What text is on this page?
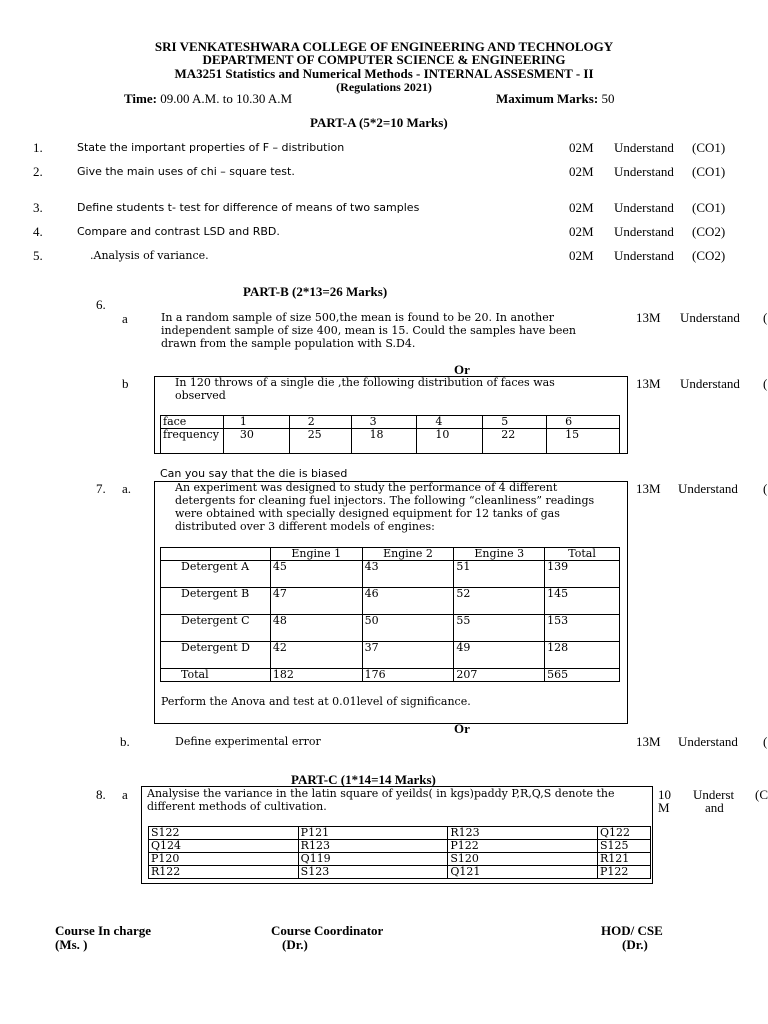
SRI VENKATESHWARA COLLEGE OF ENGINEERING AND TECHNOLOGY
DEPARTMENT OF COMPUTER SCIENCE & ENGINEERING
MA3251 Statistics and Numerical Methods - INTERNAL ASSESMENT - II
(Regulations 2021)
Time: 09.00 A.M. to 10.30 A.M	Maximum Marks: 50
PART-A (5*2=10 Marks)
1.	State the important properties of F – distribution	02M Understand (CO1)
2.	Give the main uses of chi – square test.	02M Understand (CO1)
3.	Define students t- test for difference of means of two samples	02M Understand (CO1)
4.	Compare and contrast LSD and RBD.	02M Understand (CO2)
5.	.Analysis of variance.	02M Understand (CO2)
PART-B (2*13=26 Marks)
6.
a	In a random sample of size 500,the mean is found to be 20. In another independent sample of size 400, mean is 15. Could the samples have been drawn from the sample population with S.D4.
13M Understand (
Or
b	In 120 throws of a single die ,the following distribution of faces was observed
13M Understand (
face	1	2	3	4	5	6
frequency	30	25	18	10	22	15
Can you say that the die is biased
7. a.	An experiment was designed to study the performance of 4 different detergents for cleaning fuel injectors. The following “cleanliness” readings were obtained with specially designed equipment for 12 tanks of gas distributed over 3 different models of engines:
13M Understand (
	Engine 1	Engine 2	Engine 3	Total
Detergent A	45	43	51	139
Detergent B	47	46	52	145
Detergent C	48	50	55	153
Detergent D	42	37	49	128
Total	182	176	207	565
Perform the Anova and test at 0.01level of significance.
Or
b.	Define experimental error	13M Understand (
PART-C (1*14=14 Marks)
8. a Analysise the variance in the latin square of yeilds( in kgs)paddy P,R,Q,S denote the different methods of cultivation.
10
M
Underst
and
(C
S122	P121	R123	Q122
Q124	R123	P122	S125
P120	Q119	S120	R121
R122	S123	Q121	P122
Course In charge
(Ms. )
Course Coordinator
(Dr.)
HOD/ CSE
(Dr.)
